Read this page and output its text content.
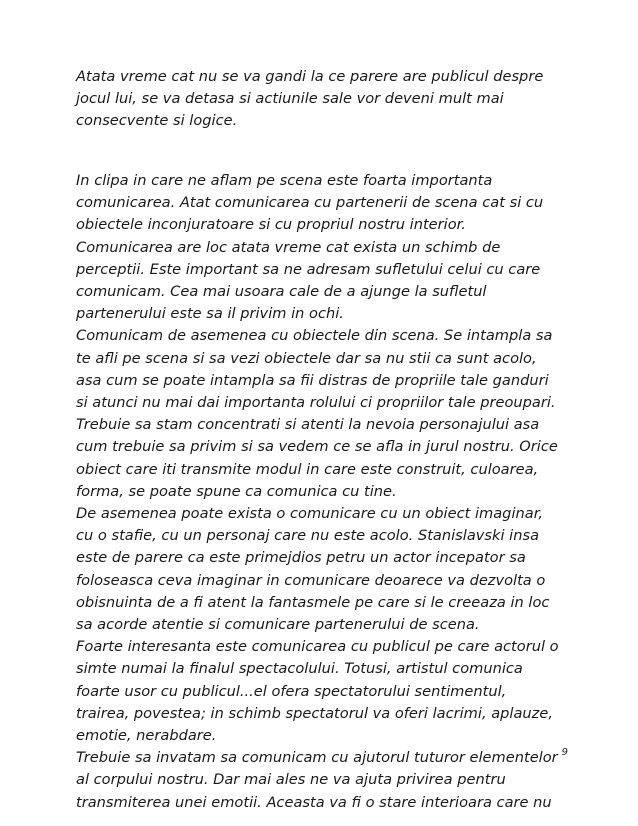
Atata vreme cat nu se va gandi la ce parere are publicul despre
jocul lui, se va detasa si actiunile sale vor deveni mult mai
consecvente si logice.

In clipa in care ne aflam pe scena este foarta importanta
comunicarea. Atat comunicarea cu partenerii de scena cat si cu
obiectele inconjuratoare si cu propriul nostru interior.
Comunicarea are loc atata vreme cat exista un schimb de
perceptii. Este important sa ne adresam sufletului celui cu care
comunicam. Cea mai usoara cale de a ajunge la sufletul
partenerului este sa il privim in ochi.
Comunicam de asemenea cu obiectele din scena. Se intampla sa
te afli pe scena si sa vezi obiectele dar sa nu stii ca sunt acolo,
asa cum se poate intampla sa fii distras de propriile tale ganduri
si atunci nu mai dai importanta rolului ci propriilor tale preoupari.
Trebuie sa stam concentrati si atenti la nevoia personajului asa
cum trebuie sa privim si sa vedem ce se afla in jurul nostru. Orice
obiect care iti transmite modul in care este construit, culoarea,
forma, se poate spune ca comunica cu tine.
De asemenea poate exista o comunicare cu un obiect imaginar,
cu o stafie, cu un personaj care nu este acolo. Stanislavski insa
este de parere ca este primejdios petru un actor incepator sa
foloseasca ceva imaginar in comunicare deoarece va dezvolta o
obisnuinta de a fi atent la fantasmele pe care si le creeaza in loc
sa acorde atentie si comunicare partenerului de scena.
Foarte interesanta este comunicarea cu publicul pe care actorul o
simte numai la finalul spectacolului. Totusi, artistul comunica
foarte usor cu publicul...el ofera spectatorului sentimentul,
trairea, povestea; in schimb spectatorul va oferi lacrimi, aplauze,
emotie, nerabdare.
Trebuie sa invatam sa comunicam cu ajutorul tuturor elementelor
al corpului nostru. Dar mai ales ne va ajuta privirea pentru
transmiterea unei emotii. Aceasta va fi o stare interioara care nu

9
